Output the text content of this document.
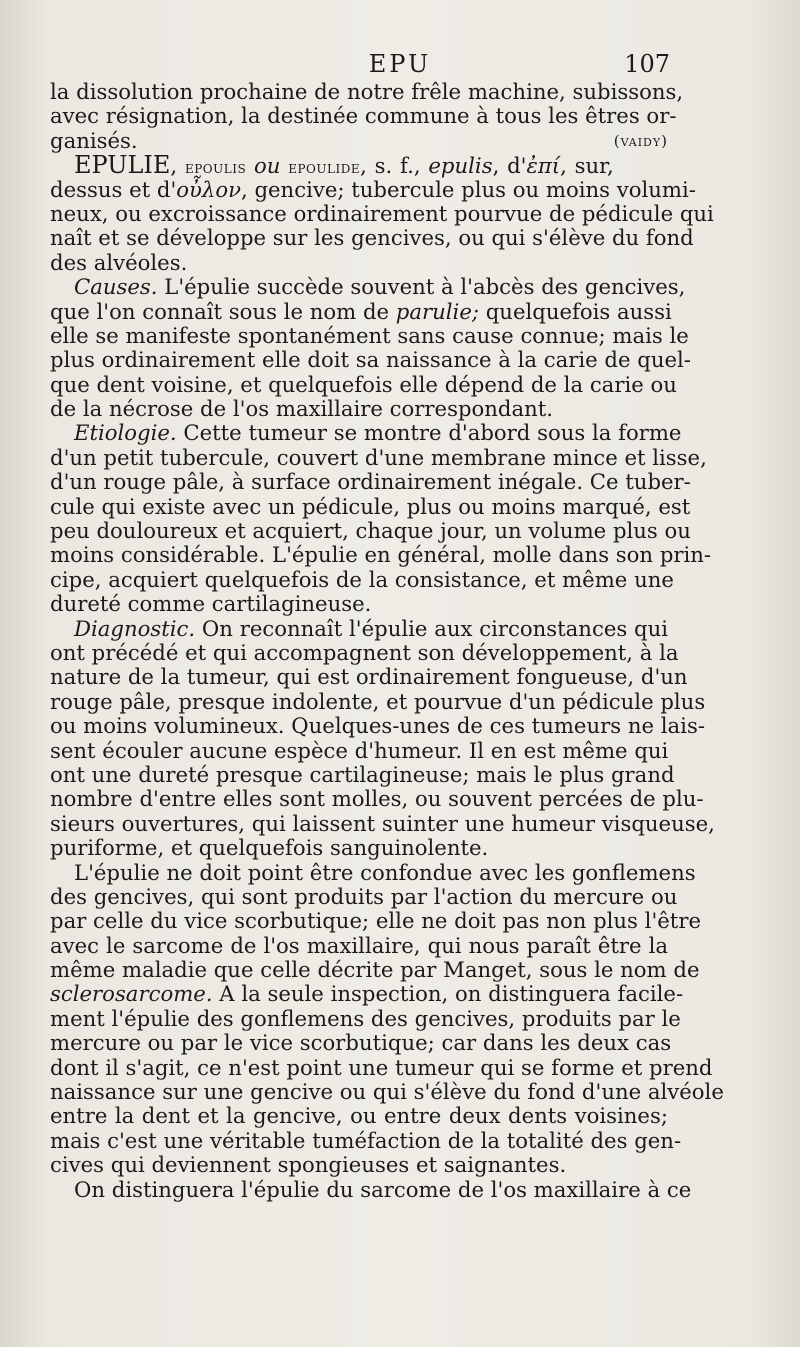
EPU	107
la dissolution prochaine de notre frêle machine, subissons,
avec résignation, la destinée commune à tous les êtres or-
ganisés.	(vaidy)
EPULIE, epoulis ou epoulide, s. f., epulis, d'ἐπί, sur,
dessus et d'οὖλον, gencive; tubercule plus ou moins volumi-
neux, ou excroissance ordinairement pourvue de pédicule qui
naît et se développe sur les gencives, ou qui s'élève du fond
des alvéoles.
Causes. L'épulie succède souvent à l'abcès des gencives,
que l'on connaît sous le nom de parulie; quelquefois aussi
elle se manifeste spontanément sans cause connue; mais le
plus ordinairement elle doit sa naissance à la carie de quel-
que dent voisine, et quelquefois elle dépend de la carie ou
de la nécrose de l'os maxillaire correspondant.
Etiologie. Cette tumeur se montre d'abord sous la forme
d'un petit tubercule, couvert d'une membrane mince et lisse,
d'un rouge pâle, à surface ordinairement inégale. Ce tuber-
cule qui existe avec un pédicule, plus ou moins marqué, est
peu douloureux et acquiert, chaque jour, un volume plus ou
moins considérable. L'épulie en général, molle dans son prin-
cipe, acquiert quelquefois de la consistance, et même une
dureté comme cartilagineuse.
Diagnostic. On reconnaît l'épulie aux circonstances qui
ont précédé et qui accompagnent son développement, à la
nature de la tumeur, qui est ordinairement fongueuse, d'un
rouge pâle, presque indolente, et pourvue d'un pédicule plus
ou moins volumineux. Quelques-unes de ces tumeurs ne lais-
sent écouler aucune espèce d'humeur. Il en est même qui
ont une dureté presque cartilagineuse; mais le plus grand
nombre d'entre elles sont molles, ou souvent percées de plu-
sieurs ouvertures, qui laissent suinter une humeur visqueuse,
puriforme, et quelquefois sanguinolente.
L'épulie ne doit point être confondue avec les gonflemens
des gencives, qui sont produits par l'action du mercure ou
par celle du vice scorbutique; elle ne doit pas non plus l'être
avec le sarcome de l'os maxillaire, qui nous paraît être la
même maladie que celle décrite par Manget, sous le nom de
sclerosarcome. A la seule inspection, on distinguera facile-
ment l'épulie des gonflemens des gencives, produits par le
mercure ou par le vice scorbutique; car dans les deux cas
dont il s'agit, ce n'est point une tumeur qui se forme et prend
naissance sur une gencive ou qui s'élève du fond d'une alvéole
entre la dent et la gencive, ou entre deux dents voisines;
mais c'est une véritable tuméfaction de la totalité des gen-
cives qui deviennent spongieuses et saignantes.
On distinguera l'épulie du sarcome de l'os maxillaire à ce
